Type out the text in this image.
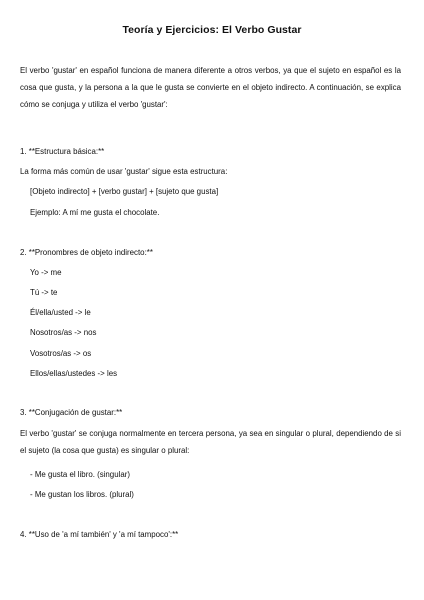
Teoría y Ejercicios: El Verbo Gustar
El verbo 'gustar' en español funciona de manera diferente a otros verbos, ya que el sujeto en español es la cosa que gusta, y la persona a la que le gusta se convierte en el objeto indirecto. A continuación, se explica cómo se conjuga y utiliza el verbo 'gustar':
1. **Estructura básica:**
La forma más común de usar 'gustar' sigue esta estructura:
[Objeto indirecto] + [verbo gustar] + [sujeto que gusta]
Ejemplo: A mí me gusta el chocolate.
2. **Pronombres de objeto indirecto:**
Yo -> me
Tú -> te
Él/ella/usted -> le
Nosotros/as -> nos
Vosotros/as -> os
Ellos/ellas/ustedes -> les
3. **Conjugación de gustar:**
El verbo 'gustar' se conjuga normalmente en tercera persona, ya sea en singular o plural, dependiendo de si el sujeto (la cosa que gusta) es singular o plural:
- Me gusta el libro. (singular)
- Me gustan los libros. (plural)
4. **Uso de 'a mí también' y 'a mí tampoco':**
